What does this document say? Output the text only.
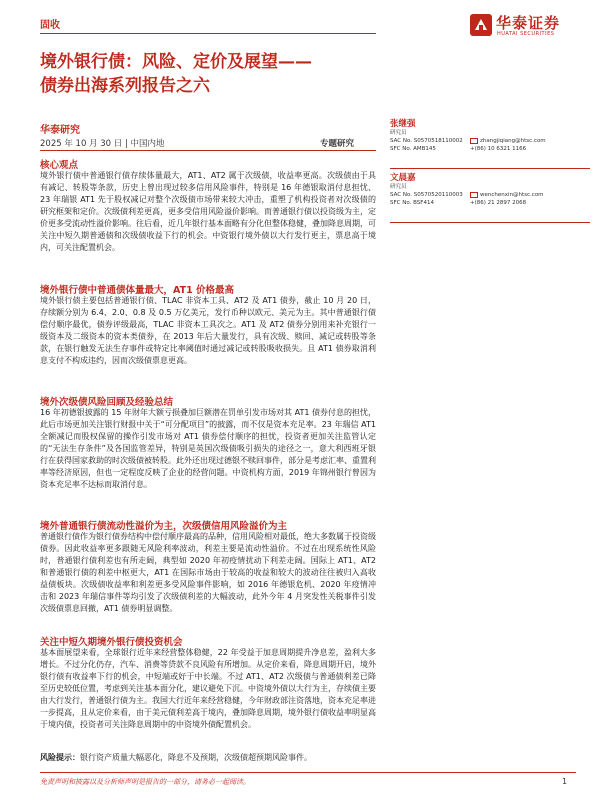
固收	华泰证券
HUATAI SECURITIES
境外银行债：风险、定价及展望——
债券出海系列报告之六
华泰研究
2025 年 10 月 30 日 | 中国内地	专题研究
核心观点

境外银行债中普通银行债存续体量最大，AT1、AT2 属于次级债，收益率更高。次级债由于具有减记、转股等条款，历史上曾出现过较多信用风险事件，特别是 16 年德银取消付息担忧、23 年瑞银 AT1 先于股权减记对整个次级债市场带来较大冲击，重塑了机构投资者对次级债的研究框架和定价。次级债利差更高，更多受信用风险溢价影响。而普通银行债以投资级为主，定价更多受流动性溢价影响。往后看，近几年银行基本面略有分化但整体稳健，叠加降息周期，可关注中短久期普通债和次级债收益下行的机会。中资银行境外债以大行发行更主，票息高于境内，可关注配置机会。

境外银行债中普通债体量最大，AT1 价格最高

境外银行债主要包括普通银行债、TLAC 非资本工具、AT2 及 AT1 债券，截止 10 月 20 日，存续额分别为 6.4、2.0、0.8 及 0.5 万亿美元，发行币种以欧元、美元为主。其中普通银行债偿付顺序最优，债券评级最高，TLAC 非资本工具次之。AT1 及 AT2 债券分别用来补充银行一级资本及二级资本的资本类债券，在 2013 年后大量发行，具有次级、赎回、减记或转股等条款，在银行触发无法生存事件或特定比率阈值时通过减记或转股吸收损失。且 AT1 债券取消利息支付不构成违约，因而次级债票息更高。

境外次级债风险回顾及经验总结

16 年初德银披露的 15 年财年大额亏损叠加巨额潜在罚单引发市场对其 AT1 债券付息的担忧，此后市场更加关注银行财报中关于“可分配项目”的披露，而不仅是资本充足率。23 年瑞信 AT1 全额减记而股权保留的操作引发市场对 AT1 债券偿付顺序的担忧，投资者更加关注监管认定的“无法生存条件”及各国监管差异，特别是英国次级债吸引损失的途径之一，意大利西班牙银行在获得国家救助的时次级债被转股。此外还出现过德银不赎回事件，部分是考虑汇率、重置利率等经济原因，但也一定程度反映了企业的经营问题。中资机构方面，2019 年锦州银行曾因为资本充足率不达标而取消付息。

境外普通银行债流动性溢价为主，次级债信用风险溢价为主

普通银行债作为银行债券结构中偿付顺序最高的品种，信用风险相对最低，绝大多数属于投资级债券。因此收益率更多跟随无风险利率波动，利差主要是流动性溢价。不过在出现系统性风险时，普通银行债利差也有所走阔，典型如 2020 年初疫情扰动下利差走阔。国际上 AT1、AT2 和普通银行债的利差中枢更大，AT1 在国际市场由于较高的收益和较大的波动往往被归入高收益债板块。次级债收益率和利差更多受风险事件影响，如 2016 年德银危机、2020 年疫情冲击和 2023 年瑞信事件等均引发了次级债利差的大幅波动，此外今年 4 月突发性关税事件引发次级债票息回撤，AT1 债券明显调整。

关注中短久期境外银行债投资机会

基本面展望来看，全球银行近年来经营整体稳健，22 年受益于加息周期提升净息差，盈利大多增长。不过分化仍存，汽车、消费等贷款不良风险有所增加。从定价来看，降息周期开启，境外银行债有收益率下行的机会，中短端或好于中长端。不过 AT1、AT2 次级债与普通债利差已降至历史较低位置，考虑到关注基本面分化，建议避免下沉。中资境外债以大行为主，存续债主要由大行发行，普通银行债为主。我国大行近年来经营稳健，今年财政部注资落地，资本充足率进一步提高，且从定价来看，由于美元债利差高于境内，叠加降息周期，境外银行债收益率明显高于境内债，投资者可关注降息周期中的中资境外债配置机会。

风险提示：银行资产质量大幅恶化，降息不及预期，次级债超预期风险事件。
张继强
研究员
SAC No. S0570518110002	zhangjiqiang@htsc.com
SFC No. AMB145	+(86) 10 6321 1166
文晨嘉
研究员
SAC No. S0570520110003	wenchenxin@htsc.com
SFC No. BSF414	+(86) 21 2897 2068
免责声明和披露以及分析师声明是报告的一部分，请务必一起阅读。	1
